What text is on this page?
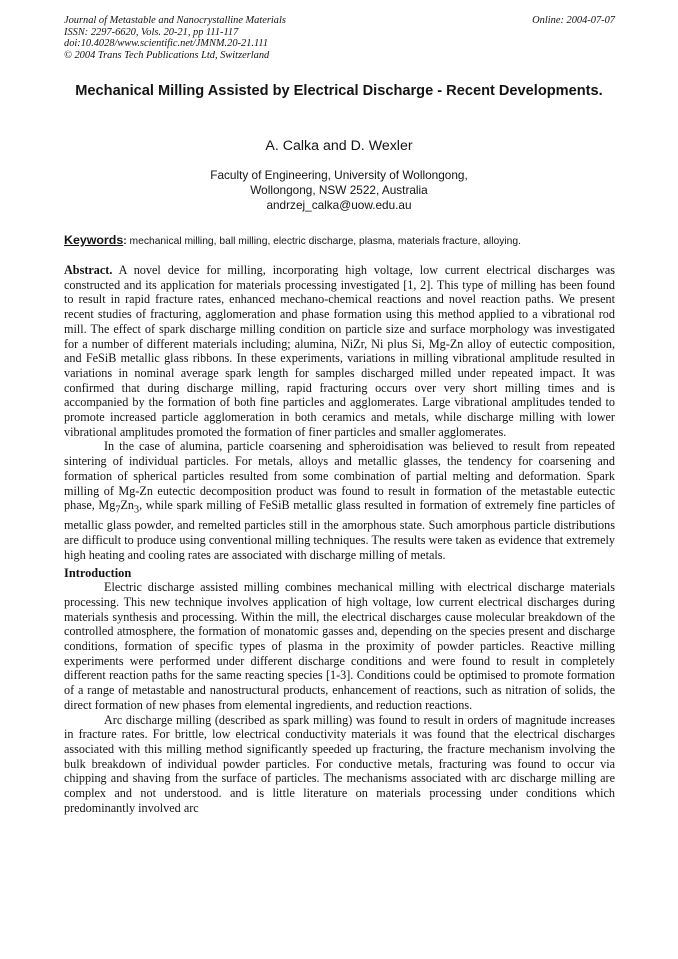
Journal of Metastable and Nanocrystalline Materials
ISSN: 2297-6620, Vols. 20-21, pp 111-117
doi:10.4028/www.scientific.net/JMNM.20-21.111
© 2004 Trans Tech Publications Ltd, Switzerland
Online: 2004-07-07
Mechanical Milling Assisted by Electrical Discharge - Recent Developments.
A. Calka and D. Wexler
Faculty of Engineering, University of Wollongong,
Wollongong, NSW 2522, Australia
andrzej_calka@uow.edu.au
Keywords: mechanical milling, ball milling, electric discharge, plasma, materials fracture, alloying.

Abstract. A novel device for milling, incorporating high voltage, low current electrical discharges was constructed and its application for materials processing investigated [1, 2]. This type of milling has been found to result in rapid fracture rates, enhanced mechano-chemical reactions and novel reaction paths. We present recent studies of fracturing, agglomeration and phase formation using this method applied to a vibrational rod mill. The effect of spark discharge milling condition on particle size and surface morphology was investigated for a number of different materials including; alumina, NiZr, Ni plus Si, Mg-Zn alloy of eutectic composition, and FeSiB metallic glass ribbons. In these experiments, variations in milling vibrational amplitude resulted in variations in nominal average spark length for samples discharged milled under repeated impact. It was confirmed that during discharge milling, rapid fracturing occurs over very short milling times and is accompanied by the formation of both fine particles and agglomerates. Large vibrational amplitudes tended to promote increased particle agglomeration in both ceramics and metals, while discharge milling with lower vibrational amplitudes promoted the formation of finer particles and smaller agglomerates.

In the case of alumina, particle coarsening and spheroidisation was believed to result from repeated sintering of individual particles. For metals, alloys and metallic glasses, the tendency for coarsening and formation of spherical particles resulted from some combination of partial melting and deformation. Spark milling of Mg-Zn eutectic decomposition product was found to result in formation of the metastable eutectic phase, $Mg_7Zn_3$, while spark milling of FeSiB metallic glass resulted in formation of extremely fine particles of metallic glass powder, and remelted particles still in the amorphous state. Such amorphous particle distributions are difficult to produce using conventional milling techniques. The results were taken as evidence that extremely high heating and cooling rates are associated with discharge milling of metals.

Introduction

Electric discharge assisted milling combines mechanical milling with electrical discharge materials processing. This new technique involves application of high voltage, low current electrical discharges during materials synthesis and processing. Within the mill, the electrical discharges cause molecular breakdown of the controlled atmosphere, the formation of monatomic gasses and, depending on the species present and discharge conditions, formation of specific types of plasma in the proximity of powder particles. Reactive milling experiments were performed under different discharge conditions and were found to result in completely different reaction paths for the same reacting species [1-3]. Conditions could be optimised to promote formation of a range of metastable and nanostructural products, enhancement of reactions, such as nitration of solids, the direct formation of new phases from elemental ingredients, and reduction reactions.

Arc discharge milling (described as spark milling) was found to result in orders of magnitude increases in fracture rates. For brittle, low electrical conductivity materials it was found that the electrical discharges associated with this milling method significantly speeded up fracturing, the fracture mechanism involving the bulk breakdown of individual powder particles. For conductive metals, fracturing was found to occur via chipping and shaving from the surface of particles. The mechanisms associated with arc discharge milling are complex and not understood. and is little literature on materials processing under conditions which predominantly involved arc
